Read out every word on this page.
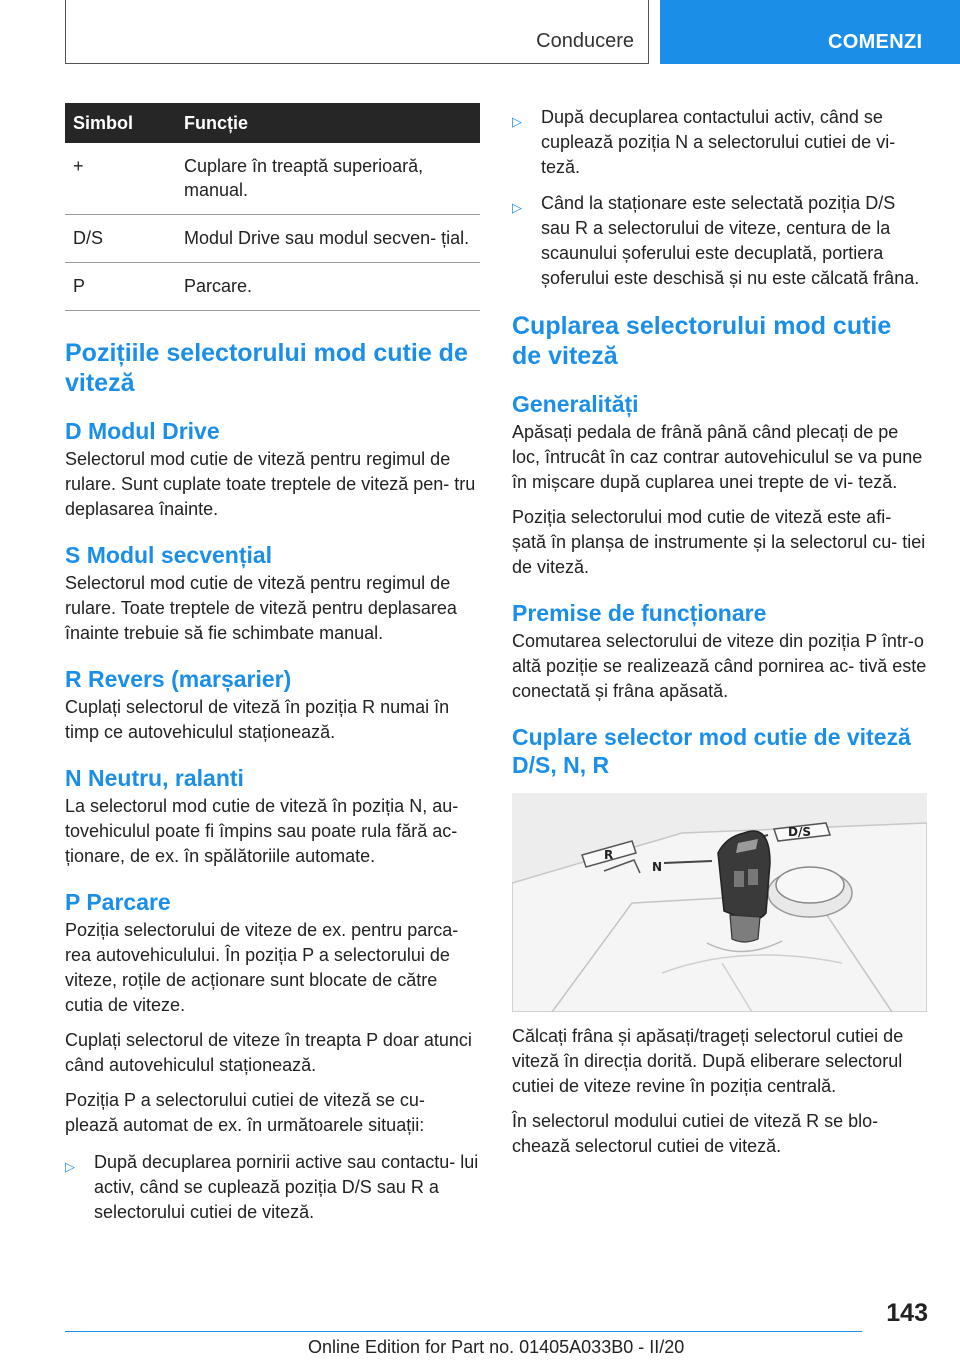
Conducere	COMENZI
Simbol	Funcție
+	Cuplare în treaptă superioară, manual.
D/S	Modul Drive sau modul secven- țial.
P	Parcare.
Pozițiile selectorului mod cutie de viteză
D Modul Drive

Selectorul mod cutie de viteză pentru regimul de rulare. Sunt cuplate toate treptele de viteză pen- tru deplasarea înainte.

S Modul secvențial

Selectorul mod cutie de viteză pentru regimul de rulare. Toate treptele de viteză pentru deplasarea înainte trebuie să fie schimbate manual.

R Revers (marșarier)

Cuplați selectorul de viteză în poziția R numai în timp ce autovehiculul staționează.

N Neutru, ralanti

La selectorul mod cutie de viteză în poziția N, au- tovehiculul poate fi împins sau poate rula fără ac- ționare, de ex. în spălătoriile automate.

P Parcare

Poziția selectorului de viteze de ex. pentru parca- rea autovehiculului. În poziția P a selectorului de viteze, roțile de acționare sunt blocate de către cutia de viteze.

Cuplați selectorul de viteze în treapta P doar atunci când autovehiculul staționează.

Poziția P a selectorului cutiei de viteză se cu- plează automat de ex. în următoarele situații:

▷ După decuplarea pornirii active sau contactu- lui activ, când se cuplează poziția D/S sau R a selectorului cutiei de viteză.
▷ După decuplarea contactului activ, când se cuplează poziția N a selectorului cutiei de vi- teză.
▷ Când la staționare este selectată poziția D/S sau R a selectorului de viteze, centura de la scaunului șoferului este decuplată, portiera șoferului este deschisă și nu este călcată frâna.
Cuplarea selectorului mod cutie de viteză
Generalități

Apăsați pedala de frână până când plecați de pe loc, întrucât în caz contrar autovehiculul se va pune în mișcare după cuplarea unei trepte de vi- teză.

Poziția selectorului mod cutie de viteză este afi- șată în planșa de instrumente și la selectorul cu- tiei de viteză.

Premise de funcționare

Comutarea selectorului de viteze din poziția P într-o altă poziție se realizează când pornirea ac- tivă este conectată și frâna apăsată.

Cuplare selector mod cutie de viteză D/S, N, R
R
N
D/S

Călcați frâna și apăsați/trageți selectorul cutiei de viteză în direcția dorită. După eliberare selectorul cutiei de viteze revine în poziția centrală.

În selectorul modului cutiei de viteză R se blo- chează selectorul cutiei de viteză.

143
Online Edition for Part no. 01405A033B0 - II/20
